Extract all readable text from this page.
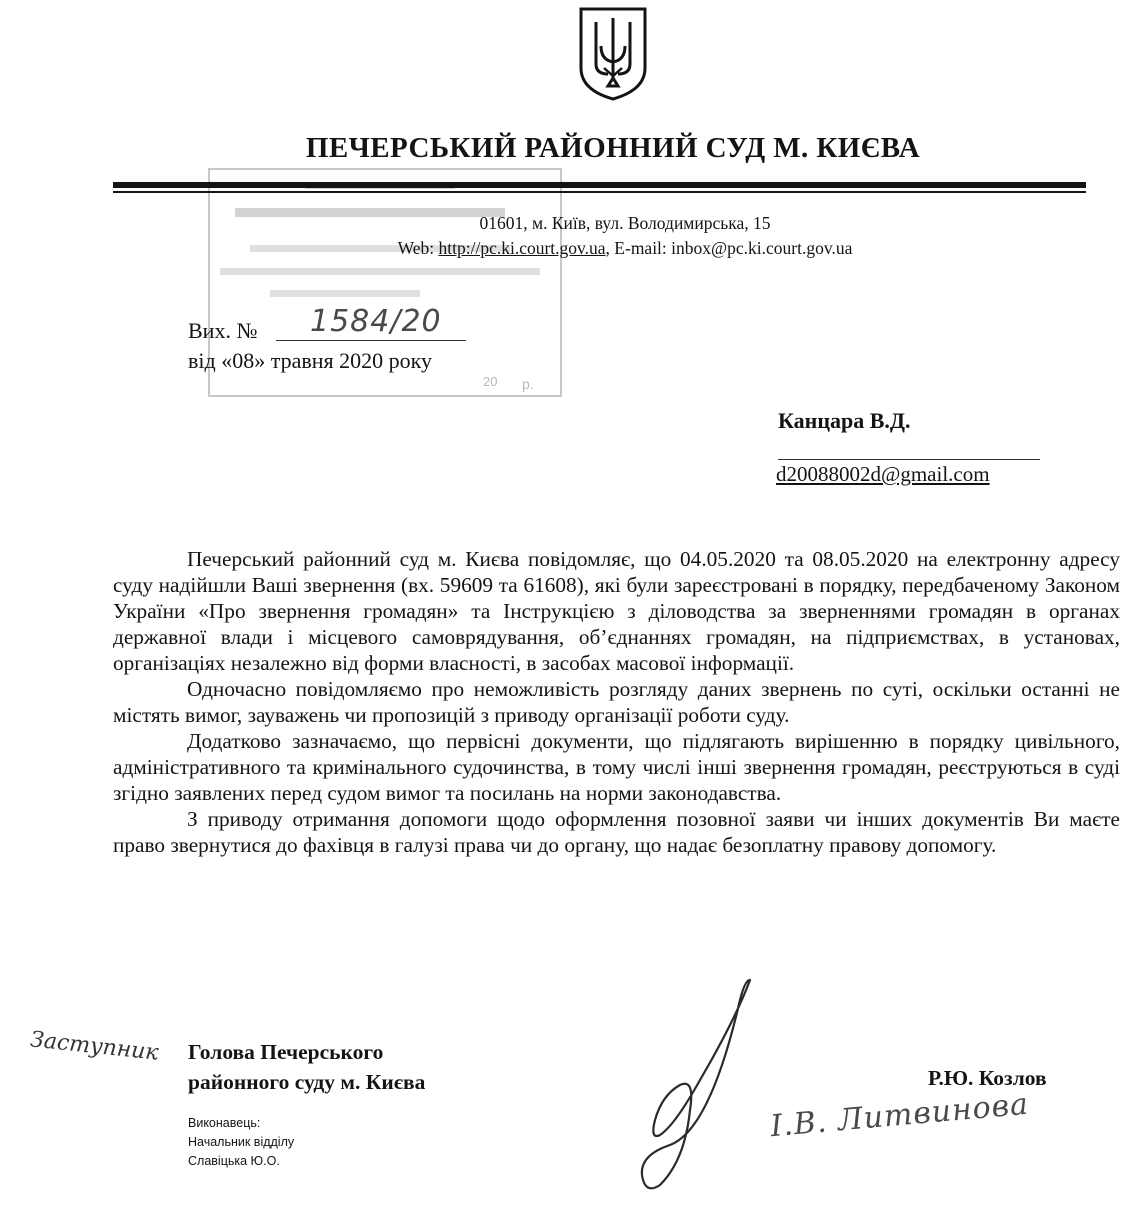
20 р.
ПЕЧЕРСЬКИЙ РАЙОННИЙ СУД М. КИЄВА
01601, м. Київ, вул. Володимирська, 15
Web: http://pc.ki.court.gov.ua, E-mail: inbox@pc.ki.court.gov.ua
Вих. № 1584/20
від «08» травня 2020 року
Канцара В.Д.
d20088002d@gmail.com

Печерський районний суд м. Києва повідомляє, що 04.05.2020 та 08.05.2020 на електронну адресу суду надійшли Ваші звернення (вх. 59609 та 61608), які були зареєстровані в порядку, передбаченому Законом України «Про звернення громадян» та Інструкцією з діловодства за зверненнями громадян в органах державної влади і місцевого самоврядування, об’єднаннях громадян, на підприємствах, в установах, організаціях незалежно від форми власності, в засобах масової інформації.

Одночасно повідомляємо про неможливість розгляду даних звернень по суті, оскільки останні не містять вимог, зауважень чи пропозицій з приводу організації роботи суду.

Додатково зазначаємо, що первісні документи, що підлягають вирішенню в порядку цивільного, адміністративного та кримінального судочинства, в тому числі інші звернення громадян, реєструються в суді згідно заявлених перед судом вимог та посилань на норми законодавства.

З приводу отримання допомоги щодо оформлення позовної заяви чи інших документів Ви маєте право звернутися до фахівця в галузі права чи до органу, що надає безоплатну правову допомогу.

Заступник Голова Печерського
районного суду м. Києва	Р.Ю. Козлов
Виконавець:
Начальник відділу
Славіцька Ю.О.
І.В. Литвинова
